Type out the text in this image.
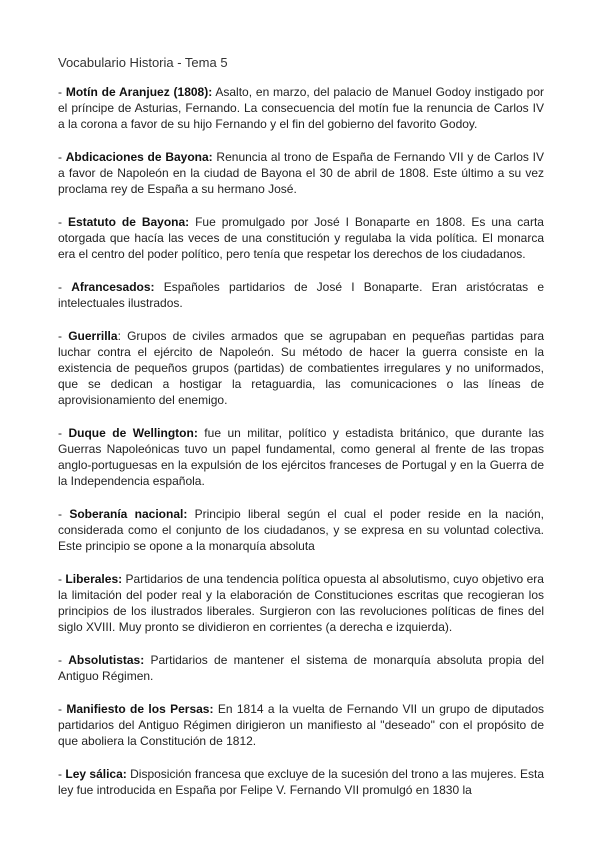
Vocabulario Historia - Tema 5

- Motín de Aranjuez (1808): Asalto, en marzo, del palacio de Manuel Godoy instigado por el príncipe de Asturias, Fernando. La consecuencia del motín fue la renuncia de Carlos IV a la corona a favor de su hijo Fernando y el fin del gobierno del favorito Godoy.

- Abdicaciones de Bayona: Renuncia al trono de España de Fernando VII y de Carlos IV a favor de Napoleón en la ciudad de Bayona el 30 de abril de 1808. Este último a su vez proclama rey de España a su hermano José.

- Estatuto de Bayona: Fue promulgado por José I Bonaparte en 1808. Es una carta otorgada que hacía las veces de una constitución y regulaba la vida política. El monarca era el centro del poder político, pero tenía que respetar los derechos de los ciudadanos.

- Afrancesados: Españoles partidarios de José I Bonaparte. Eran aristócratas e intelectuales ilustrados.

- Guerrilla: Grupos de civiles armados que se agrupaban en pequeñas partidas para luchar contra el ejército de Napoleón. Su método de hacer la guerra consiste en la existencia de pequeños grupos (partidas) de combatientes irregulares y no uniformados, que se dedican a hostigar la retaguardia, las comunicaciones o las líneas de aprovisionamiento del enemigo.

- Duque de Wellington: fue un militar, político y estadista británico, que durante las Guerras Napoleónicas tuvo un papel fundamental, como general al frente de las tropas anglo-portuguesas en la expulsión de los ejércitos franceses de Portugal y en la Guerra de la Independencia española.

- Soberanía nacional: Principio liberal según el cual el poder reside en la nación, considerada como el conjunto de los ciudadanos, y se expresa en su voluntad colectiva. Este principio se opone a la monarquía absoluta

- Liberales: Partidarios de una tendencia política opuesta al absolutismo, cuyo objetivo era la limitación del poder real y la elaboración de Constituciones escritas que recogieran los principios de los ilustrados liberales. Surgieron con las revoluciones políticas de fines del siglo XVIII. Muy pronto se dividieron en corrientes (a derecha e izquierda).

- Absolutistas: Partidarios de mantener el sistema de monarquía absoluta propia del Antiguo Régimen.

- Manifiesto de los Persas: En 1814 a la vuelta de Fernando VII un grupo de diputados partidarios del Antiguo Régimen dirigieron un manifiesto al "deseado" con el propósito de que aboliera la Constitución de 1812.

- Ley sálica: Disposición francesa que excluye de la sucesión del trono a las mujeres. Esta ley fue introducida en España por Felipe V. Fernando VII promulgó en 1830 la
